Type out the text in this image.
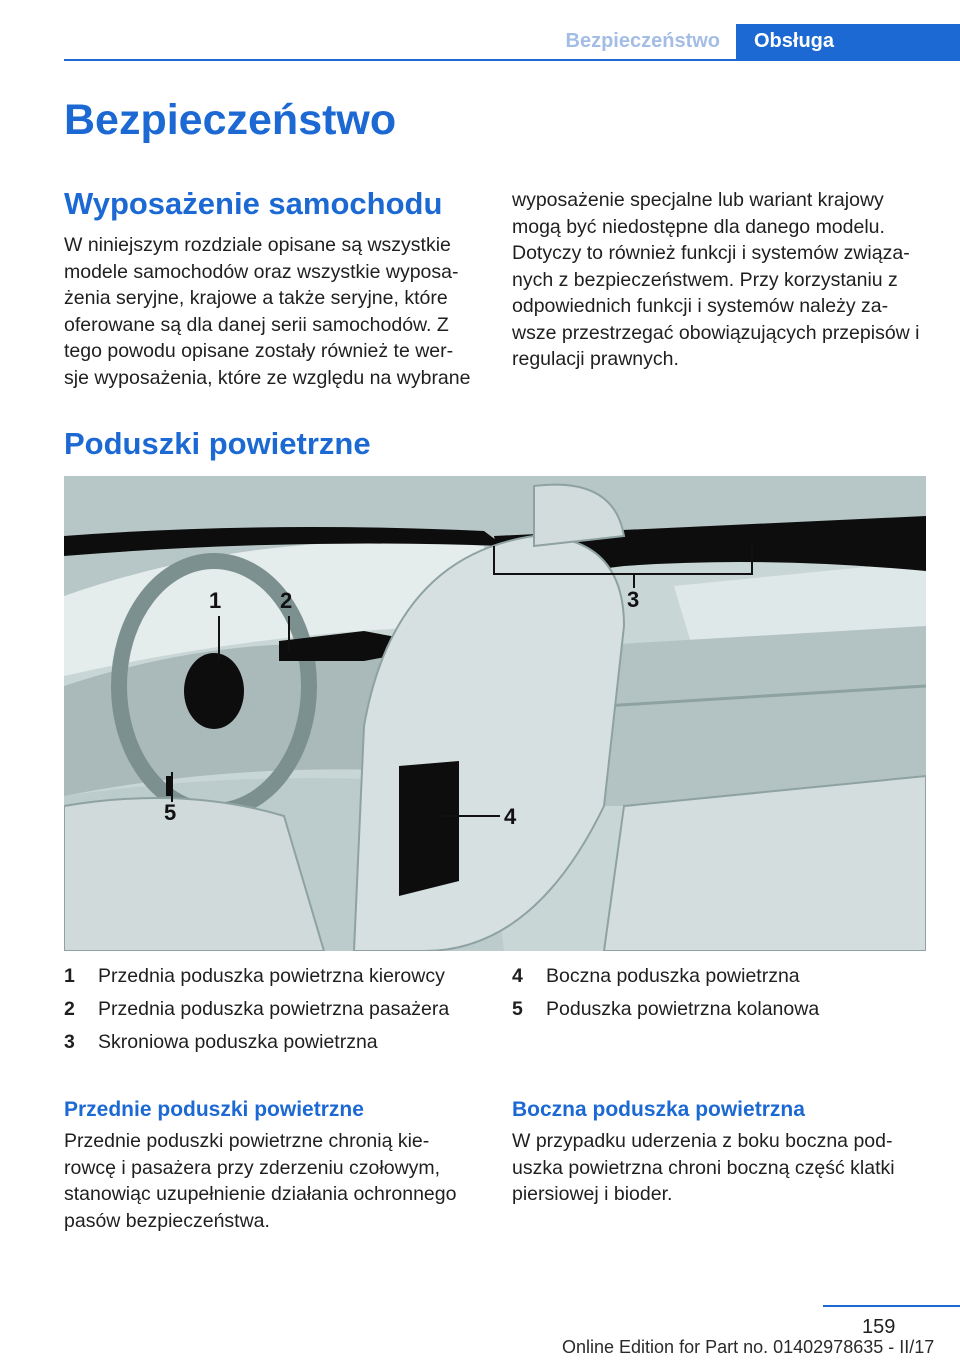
Bezpieczeństwo	Obsługa
Bezpieczeństwo
Wyposażenie samochodu
W niniejszym rozdziale opisane są wszystkie
modele samochodów oraz wszystkie wyposa‐
żenia seryjne, krajowe a także seryjne, które
oferowane są dla danej serii samochodów. Z
tego powodu opisane zostały również te wer‐
sje wyposażenia, które ze względu na wybrane
wyposażenie specjalne lub wariant krajowy
mogą być niedostępne dla danego modelu.
Dotyczy to również funkcji i systemów związa‐
nych z bezpieczeństwem. Przy korzystaniu z
odpowiednich funkcji i systemów należy za‐
wsze przestrzegać obowiązujących przepisów i
regulacji prawnych.
Poduszki powietrzne
1	2	3
4
5
1	Przednia poduszka powietrzna kierowcy
2	Przednia poduszka powietrzna pasażera
3	Skroniowa poduszka powietrzna
4	Boczna poduszka powietrzna
5	Poduszka powietrzna kolanowa
Przednie poduszki powietrzne
Przednie poduszki powietrzne chronią kie‐
rowcę i pasażera przy zderzeniu czołowym,
stanowiąc uzupełnienie działania ochronnego
pasów bezpieczeństwa.
Boczna poduszka powietrzna
W przypadku uderzenia z boku boczna pod‐
uszka powietrzna chroni boczną część klatki
piersiowej i bioder.
159
Online Edition for Part no. 01402978635 - II/17
